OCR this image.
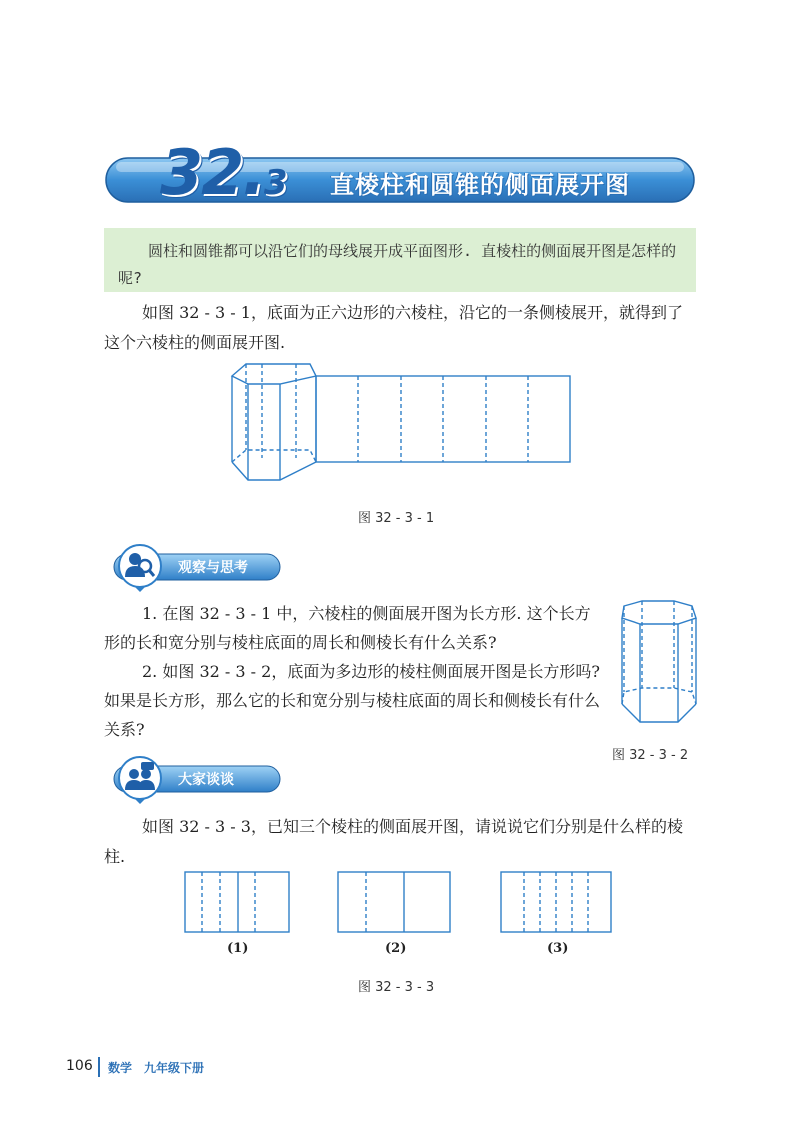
32.3 直棱柱和圆锥的侧面展开图
圆柱和圆锥都可以沿它们的母线展开成平面图形. 直棱柱的侧面展开图是怎样的呢?
如图 32 - 3 - 1，底面为正六边形的六棱柱，沿它的一条侧棱展开，就得到了这个六棱柱的侧面展开图.
图 32 - 3 - 1
观察与思考
1. 在图 32 - 3 - 1 中，六棱柱的侧面展开图为长方形. 这个长方形的长和宽分别与棱柱底面的周长和侧棱长有什么关系?
2. 如图 32 - 3 - 2，底面为多边形的棱柱侧面展开图是长方形吗? 如果是长方形，那么它的长和宽分别与棱柱底面的周长和侧棱长有什么关系?
图 32 - 3 - 2
大家谈谈
如图 32 - 3 - 3，已知三个棱柱的侧面展开图，请说说它们分别是什么样的棱柱.
(1)	(2)	(3)
图 32 - 3 - 3
106 数学　九年级下册
